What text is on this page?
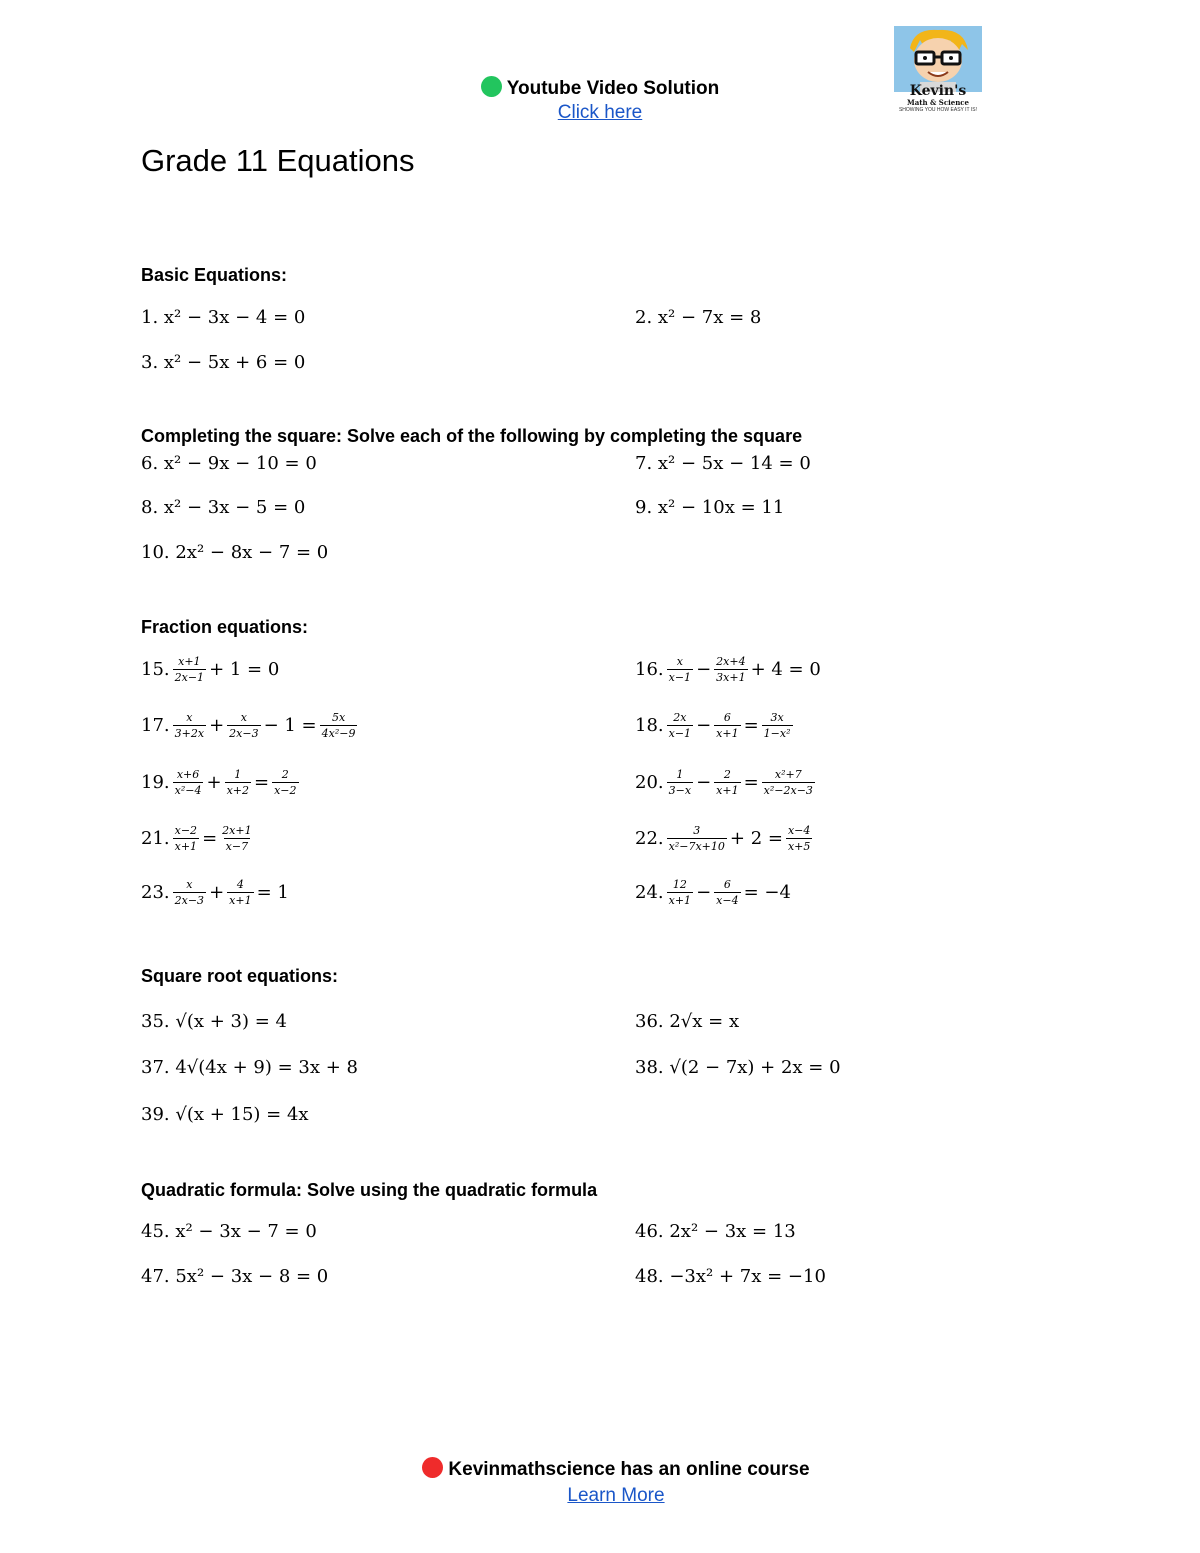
Youtube Video Solution
Click here
Kevin's
Math & Science
SHOWING YOU HOW EASY IT IS!
Grade 11 Equations
Basic Equations:
1. x² − 3x − 4 = 0	2. x² − 7x = 8
3. x² − 5x + 6 = 0
Completing the square: Solve each of the following by completing the square
6. x² − 9x − 10 = 0	7. x² − 5x − 14 = 0
8. x² − 3x − 5 = 0	9. x² − 10x = 11
10. 2x² − 8x − 7 = 0
Fraction equations:
15. $\frac{x+1}{2x-1} + 1 = 0$	16. $\frac{x}{x-1} - \frac{2x+4}{3x+1} + 4 = 0$
17. $\frac{x}{3+2x} + \frac{x}{2x-3} - 1 = \frac{5x}{\text{4x²−9}}$	18. $\frac{2x}{x-1} - \frac{6}{x+1} = \frac{3x}{\text{1−x²}}$
19. $\frac{x+6}{\text{x²−4}} + \frac{1}{x+2} = \frac{2}{x-2}$	20. $\frac{1}{3-x} - \frac{2}{x+1} = \frac{\text{x²+7}}{\text{x²−2x−3}}$
21. $\frac{x-2}{x+1} = \frac{2x+1}{x-7}$	22. $\frac{3}{\text{x²−7x+10}} + 2 = \frac{x-4}{x+5}$
23. $\frac{x}{2x-3} + \frac{4}{x+1} = 1$	24. $\frac{12}{x+1} - \frac{6}{x-4} = -4$
Square root equations:
35. √(x + 3) = 4	36. 2√x = x
37. 4√(4x + 9) = 3x + 8	38. √(2 − 7x) + 2x = 0
39. √(x + 15) = 4x
Quadratic formula: Solve using the quadratic formula
45. x² − 3x − 7 = 0	46. 2x² − 3x = 13
47. 5x² − 3x − 8 = 0	48. −3x² + 7x = −10
Kevinmathscience has an online course
Learn More
